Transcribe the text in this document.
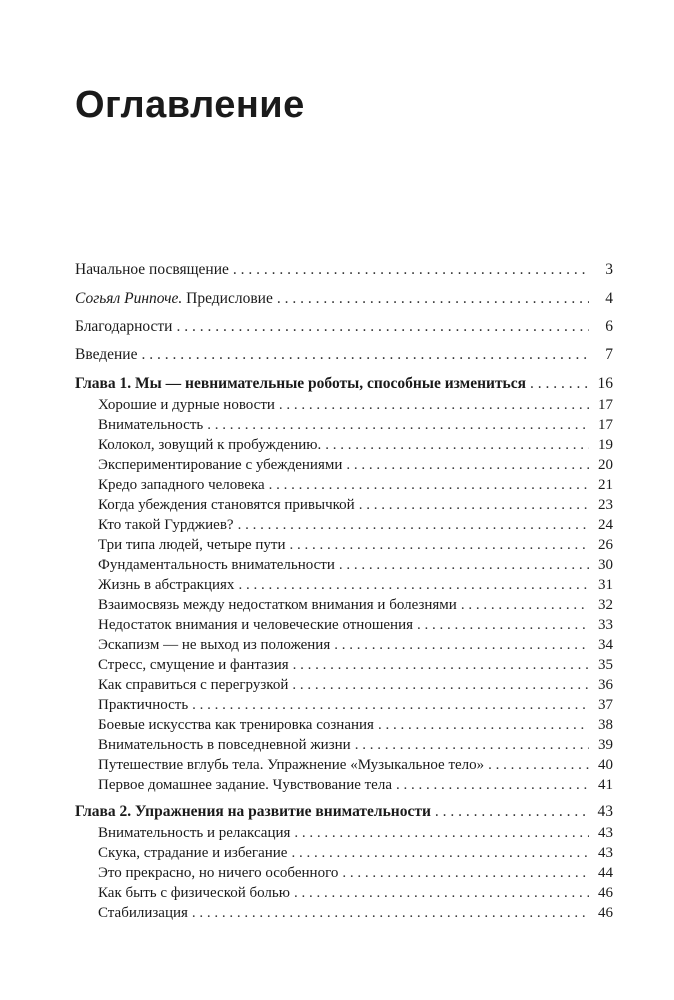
Оглавление
Начальное посвящение . . .	3
Согьял Ринпоче. Предисловие . . .	4
Благодарности . . .	6
Введение . . .	7
Глава 1. Мы — невнимательные роботы, способные измениться . . .	16
Хорошие и дурные новости . . .	17
Внимательность . . .	17
Колокол, зовущий к пробуждению. . . .	19
Экспериментирование с убеждениями . . .	20
Кредо западного человека . . .	21
Когда убеждения становятся привычкой . . .	23
Кто такой Гурджиев? . . .	24
Три типа людей, четыре пути . . .	26
Фундаментальность внимательности . . .	30
Жизнь в абстракциях . . .	31
Взаимосвязь между недостатком внимания и болезнями . . .	32
Недостаток внимания и человеческие отношения . . .	33
Эскапизм — не выход из положения . . .	34
Стресс, смущение и фантазия . . .	35
Как справиться с перегрузкой . . .	36
Практичность . . .	37
Боевые искусства как тренировка сознания . . .	38
Внимательность в повседневной жизни . . .	39
Путешествие вглубь тела. Упражнение «Музыкальное тело» . . .	40
Первое домашнее задание. Чувствование тела . . .	41
Глава 2. Упражнения на развитие внимательности . . .	43
Внимательность и релаксация . . .	43
Скука, страдание и избегание . . .	43
Это прекрасно, но ничего особенного . . .	44
Как быть с физической болью . . .	46
Стабилизация . . .	46
